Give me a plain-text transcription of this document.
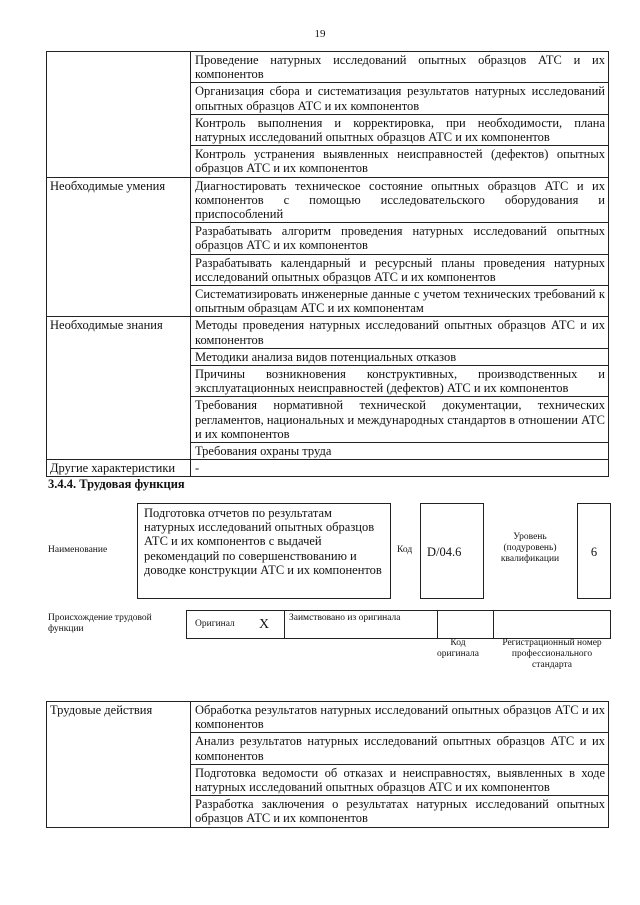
19
	Проведение натурных исследований опытных образцов АТС и их компонентов
	Организация сбора и систематизация результатов натурных исследований опытных образцов АТС и их компонентов
	Контроль выполнения и корректировка, при необходимости, плана натурных исследований опытных образцов АТС и их компонентов
	Контроль устранения выявленных неисправностей (дефектов) опытных образцов АТС и их компонентов
Необходимые умения	Диагностировать техническое состояние опытных образцов АТС и их компонентов с помощью исследовательского оборудования и приспособлений
	Разрабатывать алгоритм проведения натурных исследований опытных образцов АТС и их компонентов
	Разрабатывать календарный и ресурсный планы проведения натурных исследований опытных образцов АТС и их компонентов
	Систематизировать инженерные данные с учетом технических требований к опытным образцам АТС и их компонентам
Необходимые знания	Методы проведения натурных исследований опытных образцов АТС и их компонентов
	Методики анализа видов потенциальных отказов
	Причины возникновения конструктивных, производственных и эксплуатационных неисправностей (дефектов) АТС и их компонентов
	Требования нормативной технической документации, технических регламентов, национальных и международных стандартов в отношении АТС и их компонентов
	Требования охраны труда
Другие характеристики	-
3.4.4. Трудовая функция
Наименование
Подготовка отчетов по результатам натурных исследований опытных образцов АТС и их компонентов с выдачей рекомендаций по совершенствованию и доводке конструкции АТС и их компонентов
Код D/04.6
Уровень (подуровень) квалификации	6
Происхождение трудовой функции	Оригинал X Заимствовано из оригинала
Код оригинала
Регистрационный номер профессионального стандарта
Трудовые действия	Обработка результатов натурных исследований опытных образцов АТС и их компонентов
Анализ результатов натурных исследований опытных образцов АТС и их компонентов
Подготовка ведомости об отказах и неисправностях, выявленных в ходе натурных исследований опытных образцов АТС и их компонентов
Разработка заключения о результатах натурных исследований опытных образцов АТС и их компонентов
